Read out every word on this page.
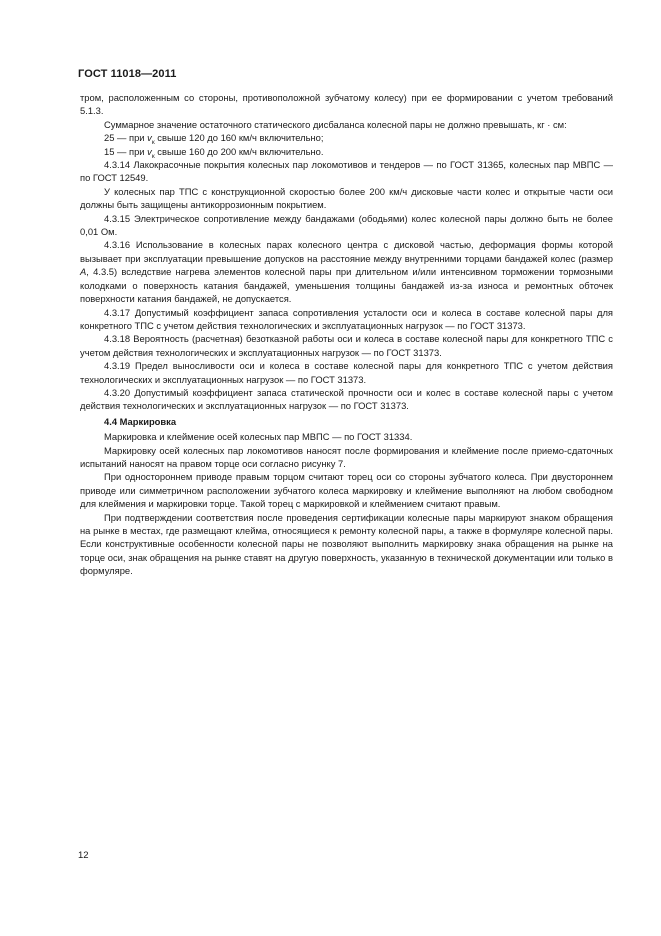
ГОСТ 11018—2011

тром, расположенным со стороны, противоположной зубчатому колесу) при ее формировании с учетом требований 5.1.3.

Суммарное значение остаточного статического дисбаланса колесной пары не должно превышать, кг · см:

25 — при $v_к$ свыше 120 до 160 км/ч включительно;

15 — при $v_к$ свыше 160 до 200 км/ч включительно.

4.3.14 Лакокрасочные покрытия колесных пар локомотивов и тендеров — по ГОСТ 31365, колесных пар МВПС — по ГОСТ 12549.

У колесных пар ТПС с конструкционной скоростью более 200 км/ч дисковые части колес и открытые части оси должны быть защищены антикоррозионным покрытием.

4.3.15 Электрическое сопротивление между бандажами (ободьями) колес колесной пары должно быть не более 0,01 Ом.

4.3.16 Использование в колесных парах колесного центра с дисковой частью, деформация формы которой вызывает при эксплуатации превышение допусков на расстояние между внутренними торцами бандажей колес (размер А, 4.3.5) вследствие нагрева элементов колесной пары при длительном и/или интенсивном торможении тормозными колодками о поверхность катания бандажей, уменьшения толщины бандажей из-за износа и ремонтных обточек поверхности катания бандажей, не допускается.

4.3.17 Допустимый коэффициент запаса сопротивления усталости оси и колеса в составе колесной пары для конкретного ТПС с учетом действия технологических и эксплуатационных нагрузок — по ГОСТ 31373.

4.3.18 Вероятность (расчетная) безотказной работы оси и колеса в составе колесной пары для конкретного ТПС с учетом действия технологических и эксплуатационных нагрузок — по ГОСТ 31373.

4.3.19 Предел выносливости оси и колеса в составе колесной пары для конкретного ТПС с учетом действия технологических и эксплуатационных нагрузок — по ГОСТ 31373.

4.3.20 Допустимый коэффициент запаса статической прочности оси и колес в составе колесной пары с учетом действия технологических и эксплуатационных нагрузок — по ГОСТ 31373.

4.4 Маркировка

Маркировка и клеймение осей колесных пар МВПС — по ГОСТ 31334.

Маркировку осей колесных пар локомотивов наносят после формирования и клеймение после приемо-сдаточных испытаний наносят на правом торце оси согласно рисунку 7.

При одностороннем приводе правым торцом считают торец оси со стороны зубчатого колеса. При двустороннем приводе или симметричном расположении зубчатого колеса маркировку и клеймение выполняют на любом свободном для клеймения и маркировки торце. Такой торец с маркировкой и клеймением считают правым.

При подтверждении соответствия после проведения сертификации колесные пары маркируют знаком обращения на рынке в местах, где размещают клейма, относящиеся к ремонту колесной пары, а также в формуляре колесной пары. Если конструктивные особенности колесной пары не позволяют выполнить маркировку знака обращения на рынке на торце оси, знак обращения на рынке ставят на другую поверхность, указанную в технической документации или только в формуляре.

12
